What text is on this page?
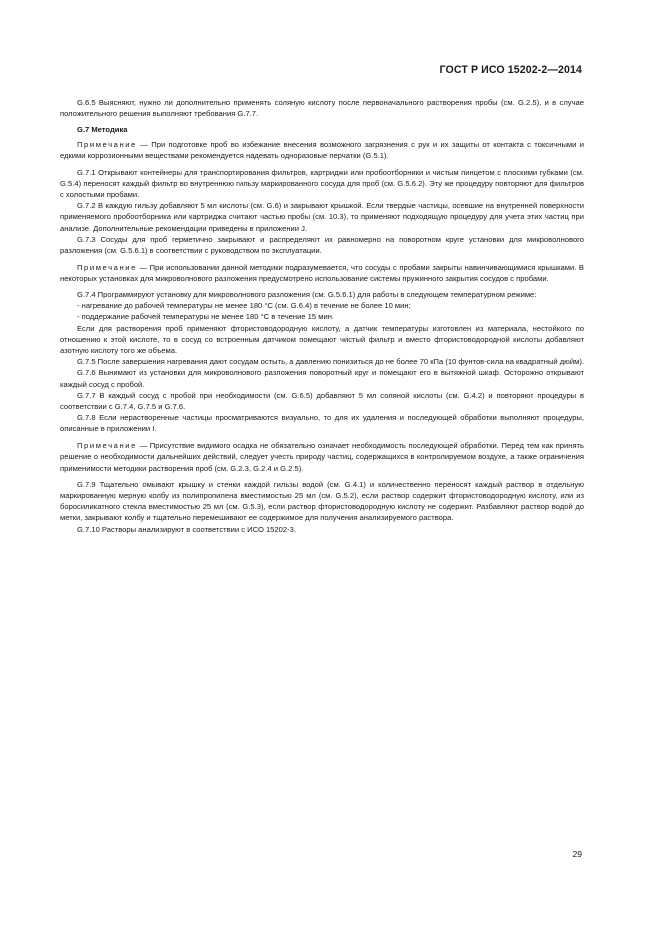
ГОСТ Р ИСО 15202-2—2014

G.6.5 Выясняют, нужно ли дополнительно применять соляную кислоту после первоначального растворения пробы (см. G.2.5), и в случае положительного решения выполняют требования G.7.7.

G.7 Методика

Примечание — При подготовке проб во избежание внесения возможного загрязнения с рук и их защиты от контакта с токсичными и едкими коррозионными веществами рекомендуется надевать одноразовые перчатки (G.5.1).

G.7.1 Открывают контейнеры для транспортирования фильтров, картриджи или пробоотборники и чистым пинцетом с плоскими губками (см. G.5.4) переносят каждый фильтр во внутреннюю гильзу маркированного сосуда для проб (см. G.5.6.2). Эту же процедуру повторяют для фильтров с холостыми пробами.

G.7.2 В каждую гильзу добавляют 5 мл кислоты (см. G.6) и закрывают крышкой. Если твердые частицы, осевшие на внутренней поверхности применяемого пробоотборника или картриджа считают частью пробы (см. 10.3), то применяют подходящую процедуру для учета этих частиц при анализе. Дополнительные рекомендации приведены в приложении J.

G.7.3 Сосуды для проб герметично закрывают и распределяют их равномерно на поворотном круге установки для микроволнового разложения (см. G.5.6.1) в соответствии с руководством по эксплуатации.

Примечание — При использовании данной методики подразумевается, что сосуды с пробами закрыты навинчивающимися крышками. В некоторых установках для микроволнового разложения предусмотрено использование системы пружинного закрытия сосудов с пробами.

G.7.4 Программируют установку для микроволнового разложения (см. G.5.6.1) для работы в следующем температурном режиме:

- нагревание до рабочей температуры не менее 180 °С (см. G.6.4) в течение не более 10 мин;
- поддержание рабочей температуры не менее 180 °С в течение 15 мин.

Если для растворения проб применяют фтористоводородную кислоту, а датчик температуры изготовлен из материала, нестойкого по отношению к этой кислоте, то в сосуд со встроенным датчиком помещают чистый фильтр и вместо фтористоводородной кислоты добавляют азотную кислоту того же объема.

G.7.5 После завершения нагревания дают сосудам остыть, а давлению понизиться до не более 70 кПа (10 фунтов-сила на квадратный дюйм).

G.7.6 Вынимают из установки для микроволнового разложения поворотный круг и помещают его в вытяжной шкаф. Осторожно открывают каждый сосуд с пробой.

G.7.7 В каждый сосуд с пробой при необходимости (см. G.6.5) добавляют 5 мл соляной кислоты (см. G.4.2) и повторяют процедуры в соответствии с G.7.4, G.7.5 и G.7.6.

G.7.8 Если нерастворенные частицы просматриваются визуально, то для их удаления и последующей обработки выполняют процедуры, описанные в приложении I.

Примечание — Присутствие видимого осадка не обязательно означает необходимость последующей обработки. Перед тем как принять решение о необходимости дальнейших действий, следует учесть природу частиц, содержащихся в контролируемом воздухе, а также ограничения применимости методики растворения проб (см. G.2.3, G.2.4 и G.2.5).

G.7.9 Тщательно омывают крышку и стенки каждой гильзы водой (см. G.4.1) и количественно переносят каждый раствор в отдельную маркированную мерную колбу из полипропилена вместимостью 25 мл (см. G.5.2), если раствор содержит фтористоводородную кислоту, или из боросиликатного стекла вместимостью 25 мл (см. G.5.3), если раствор фтористоводородную кислоту не содержит. Разбавляют раствор водой до метки, закрывают колбу и тщательно перемешивают ее содержимое для получения анализируемого раствора.

G.7.10 Растворы анализируют в соответствии с ИСО 15202-3.

29
